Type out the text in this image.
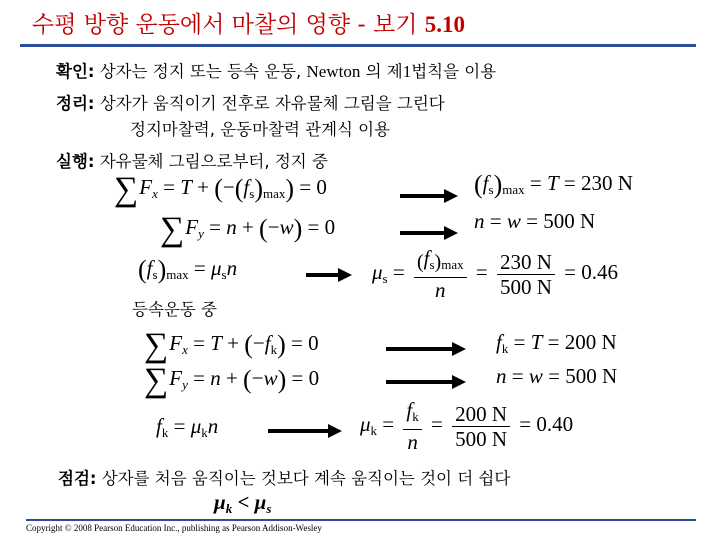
수평 방향 운동에서 마찰의 영향 - 보기 5.10
확인: 상자는 정지 또는 등속 운동, Newton 의 제1법칙을 이용
정리: 상자가 움직이기 전후로 자유물체 그림을 그린다
정지마찰력, 운동마찰력 관계식 이용
실행: 자유물체 그림으로부터, 정지 중
$\sum F_x = T + (-(f_s)_{max}) = 0$
$\sum F_y = n + (-w) = 0$
$(f_s)_{max} = T = 230$ N
n = w = 500 N
$(f_s)_{max} = \mu_sn$	$\mu_s = \frac{(f_s)_{max}}{n} = \frac{230 N}{500 N} = 0.46$
등속운동 중
$\sum F_x = T + (-f_k) = 0$
$\sum F_y = n + (-w) = 0$
$f_k = T = 200$ N
n = w = 500 N
$f_k = \mu_kn$	$\mu_k = \frac{f_k}{n} = \frac{200 N}{500 N} = 0.40$
점검: 상자를 처음 움직이는 것보다 계속 움직이는 것이 더 쉽다
$\mu_k < \mu_s$
Copyright © 2008 Pearson Education Inc., publishing as Pearson Addison-Wesley
